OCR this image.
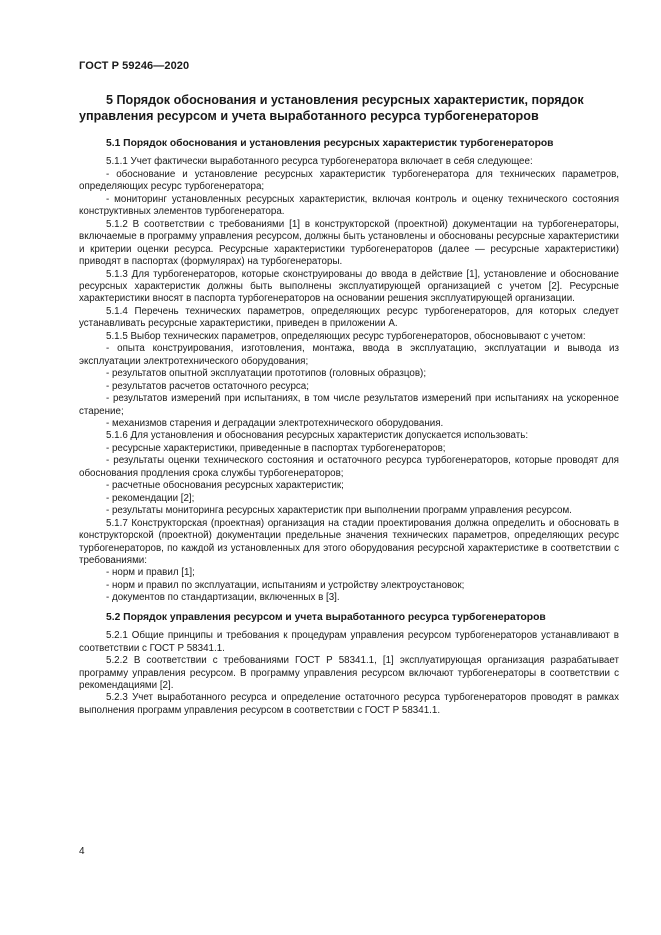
ГОСТ Р 59246—2020
5 Порядок обоснования и установления ресурсных характеристик, порядок управления ресурсом и учета выработанного ресурса турбогенераторов

5.1 Порядок обоснования и установления ресурсных характеристик турбогенераторов

5.1.1 Учет фактически выработанного ресурса турбогенератора включает в себя следующее:

- обоснование и установление ресурсных характеристик турбогенератора для технических параметров, определяющих ресурс турбогенератора;

- мониторинг установленных ресурсных характеристик, включая контроль и оценку технического состояния конструктивных элементов турбогенератора.

5.1.2 В соответствии с требованиями [1] в конструкторской (проектной) документации на турбогенераторы, включаемые в программу управления ресурсом, должны быть установлены и обоснованы ресурсные характеристики и критерии оценки ресурса. Ресурсные характеристики турбогенераторов (далее — ресурсные характеристики) приводят в паспортах (формулярах) на турбогенераторы.

5.1.3 Для турбогенераторов, которые сконструированы до ввода в действие [1], установление и обоснование ресурсных характеристик должны быть выполнены эксплуатирующей организацией с учетом [2]. Ресурсные характеристики вносят в паспорта турбогенераторов на основании решения эксплуатирующей организации.

5.1.4 Перечень технических параметров, определяющих ресурс турбогенераторов, для которых следует устанавливать ресурсные характеристики, приведен в приложении А.

5.1.5 Выбор технических параметров, определяющих ресурс турбогенераторов, обосновывают с учетом:

- опыта конструирования, изготовления, монтажа, ввода в эксплуатацию, эксплуатации и вывода из эксплуатации электротехнического оборудования;

- результатов опытной эксплуатации прототипов (головных образцов);

- результатов расчетов остаточного ресурса;

- результатов измерений при испытаниях, в том числе результатов измерений при испытаниях на ускоренное старение;

- механизмов старения и деградации электротехнического оборудования.

5.1.6 Для установления и обоснования ресурсных характеристик допускается использовать:

- ресурсные характеристики, приведенные в паспортах турбогенераторов;

- результаты оценки технического состояния и остаточного ресурса турбогенераторов, которые проводят для обоснования продления срока службы турбогенераторов;

- расчетные обоснования ресурсных характеристик;

- рекомендации [2];

- результаты мониторинга ресурсных характеристик при выполнении программ управления ресурсом.

5.1.7 Конструкторская (проектная) организация на стадии проектирования должна определить и обосновать в конструкторской (проектной) документации предельные значения технических параметров, определяющих ресурс турбогенераторов, по каждой из установленных для этого оборудования ресурсной характеристике в соответствии с требованиями:

- норм и правил [1];

- норм и правил по эксплуатации, испытаниям и устройству электроустановок;

- документов по стандартизации, включенных в [3].

5.2 Порядок управления ресурсом и учета выработанного ресурса турбогенераторов

5.2.1 Общие принципы и требования к процедурам управления ресурсом турбогенераторов устанавливают в соответствии с ГОСТ Р 58341.1.

5.2.2 В соответствии с требованиями ГОСТ Р 58341.1, [1] эксплуатирующая организация разрабатывает программу управления ресурсом. В программу управления ресурсом включают турбогенераторы в соответствии с рекомендациями [2].

5.2.3 Учет выработанного ресурса и определение остаточного ресурса турбогенераторов проводят в рамках выполнения программ управления ресурсом в соответствии с ГОСТ Р 58341.1.

4
